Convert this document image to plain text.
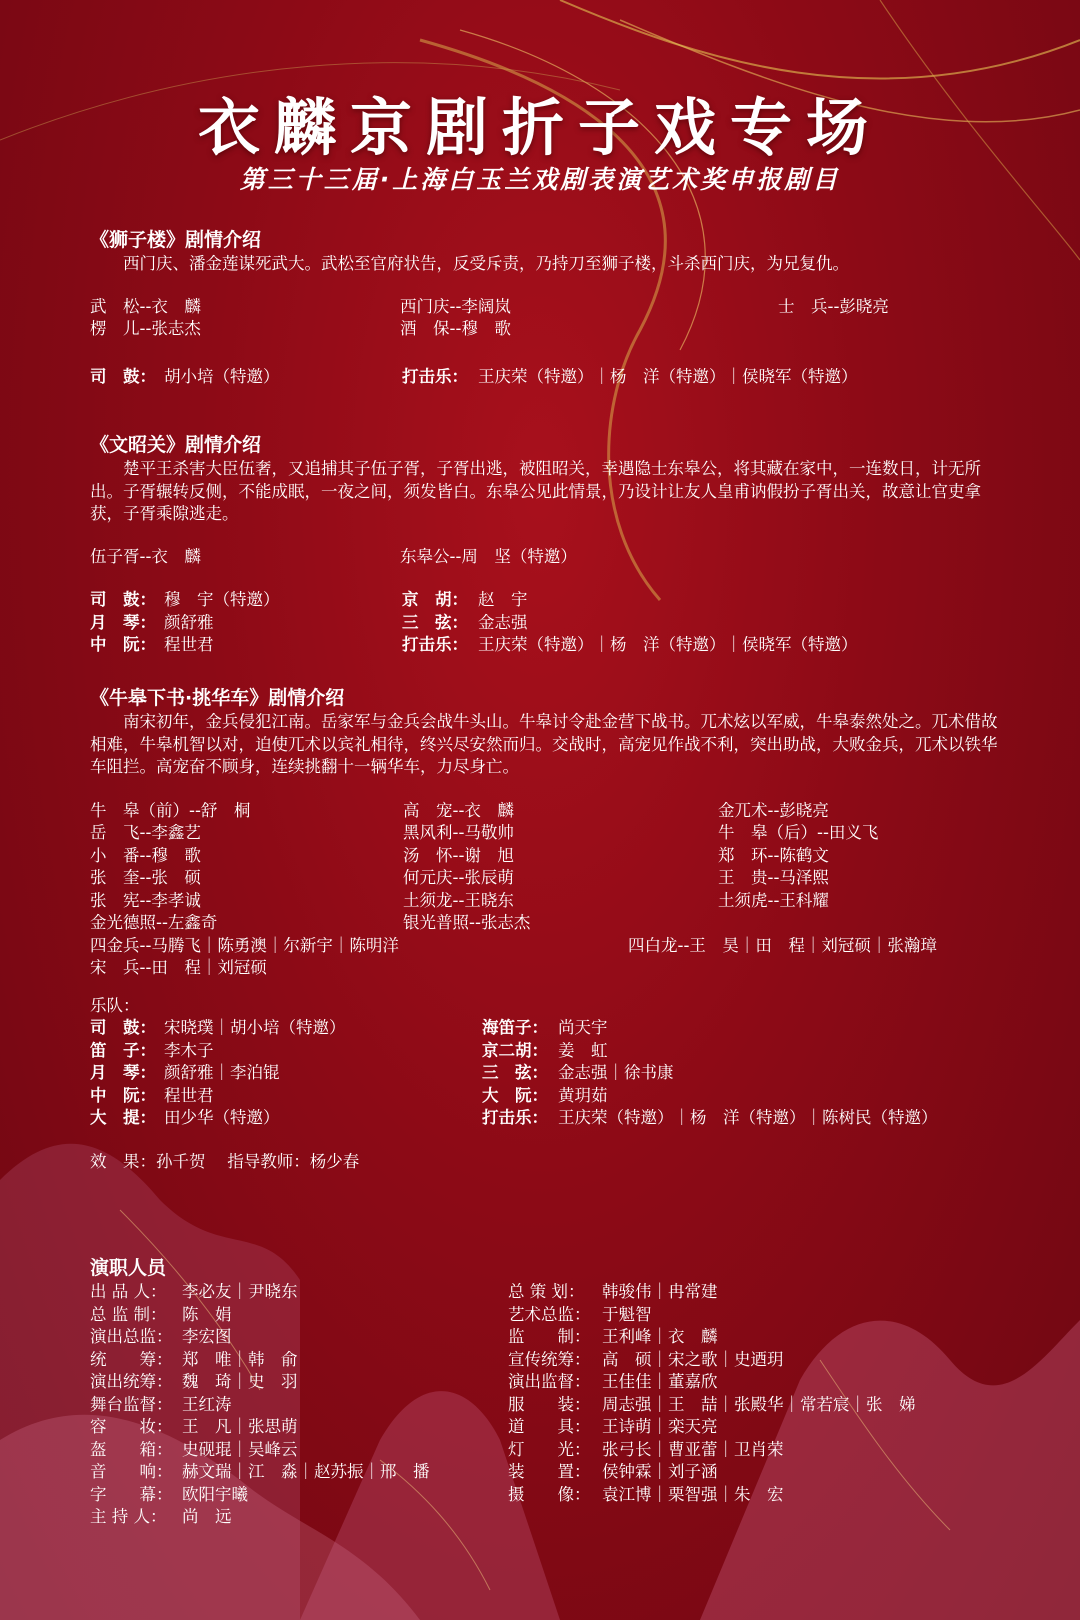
衣麟京剧折子戏专场
第三十三届·上海白玉兰戏剧表演艺术奖申报剧目
《狮子楼》剧情介绍
西门庆、潘金莲谋死武大。武松至官府状告，反受斥责，乃持刀至狮子楼，斗杀西门庆，为兄复仇。
武　松--衣　麟	西门庆--李阔岚	士　兵--彭晓亮
楞　儿--张志杰	酒　保--穆　歌
司　鼓： 胡小培（特邀）	打击乐： 王庆荣（特邀）｜杨　洋（特邀）｜侯晓军（特邀）
《文昭关》剧情介绍
楚平王杀害大臣伍奢，又追捕其子伍子胥，子胥出逃，被阻昭关，幸遇隐士东皋公，将其藏在家中，一连数日，计无所出。子胥辗转反侧，不能成眠，一夜之间，须发皆白。东皋公见此情景，乃设计让友人皇甫讷假扮子胥出关，故意让官吏拿获，子胥乘隙逃走。
伍子胥--衣　麟	东皋公--周　坚（特邀）
司　鼓： 穆　宇（特邀）	京　胡： 赵　宇
月　琴： 颜舒雅	三　弦： 金志强
中　阮： 程世君	打击乐： 王庆荣（特邀）｜杨　洋（特邀）｜侯晓军（特邀）
《牛皋下书·挑华车》剧情介绍
南宋初年，金兵侵犯江南。岳家军与金兵会战牛头山。牛皋讨令赴金营下战书。兀术炫以军威，牛皋泰然处之。兀术借故相难，牛皋机智以对，迫使兀术以宾礼相待，终兴尽安然而归。交战时，高宠见作战不利，突出助战，大败金兵，兀术以铁华车阻拦。高宠奋不顾身，连续挑翻十一辆华车，力尽身亡。
牛　皋（前）--舒　桐	高　宠--衣　麟	金兀术--彭晓亮
岳　飞--李鑫艺	黑风利--马敬帅	牛　皋（后）--田义飞
小　番--穆　歌	汤　怀--谢　旭	郑　环--陈鹤文
张　奎--张　硕	何元庆--张辰萌	王　贵--马泽熙
张　宪--李孝诚	土须龙--王晓东	土须虎--王科耀
金光德照--左鑫奇	银光普照--张志杰
四金兵--马腾飞｜陈勇澳｜尔新宇｜陈明洋	四白龙--王　昊｜田　程｜刘冠硕｜张瀚璋
宋　兵--田　程｜刘冠硕
乐队：
司　鼓： 宋晓璞｜胡小培（特邀）	海笛子： 尚天宇
笛　子： 李木子	京二胡： 姜　虹
月　琴： 颜舒雅｜李泊锟	三　弦： 金志强｜徐书康
中　阮： 程世君	大　阮： 黄玥茹
大　提： 田少华（特邀）	打击乐： 王庆荣（特邀）｜杨　洋（特邀）｜陈树民（特邀）
效　果：孙千贺　 指导教师：杨少春
演职人员
出 品 人： 李必友｜尹晓东	总 策 划： 韩骏伟｜冉常建
总 监 制： 陈　娟	艺术总监： 于魁智
演出总监： 李宏图	监　　制： 王利峰｜衣　麟
统　　筹： 郑　唯｜韩　俞	宣传统筹： 高　硕｜宋之歌｜史迺玥
演出统筹： 魏　琦｜史　羽	演出监督： 王佳佳｜董嘉欣
舞台监督： 王红涛	服　　装： 周志强｜王　喆｜张殿华｜常若宸｜张　娣
容　　妆： 王　凡｜张思萌	道　　具： 王诗萌｜栾天亮
盔　　箱： 史砚琨｜吴峰云	灯　　光： 张弓长｜曹亚蕾｜卫肖荣
音　　响： 赫文瑞｜江　淼｜赵苏振｜邢　播	装　　置： 侯钟霖｜刘子涵
字　　幕： 欧阳宇曦	摄　　像： 袁江博｜栗智强｜朱　宏
主 持 人： 尚　远
